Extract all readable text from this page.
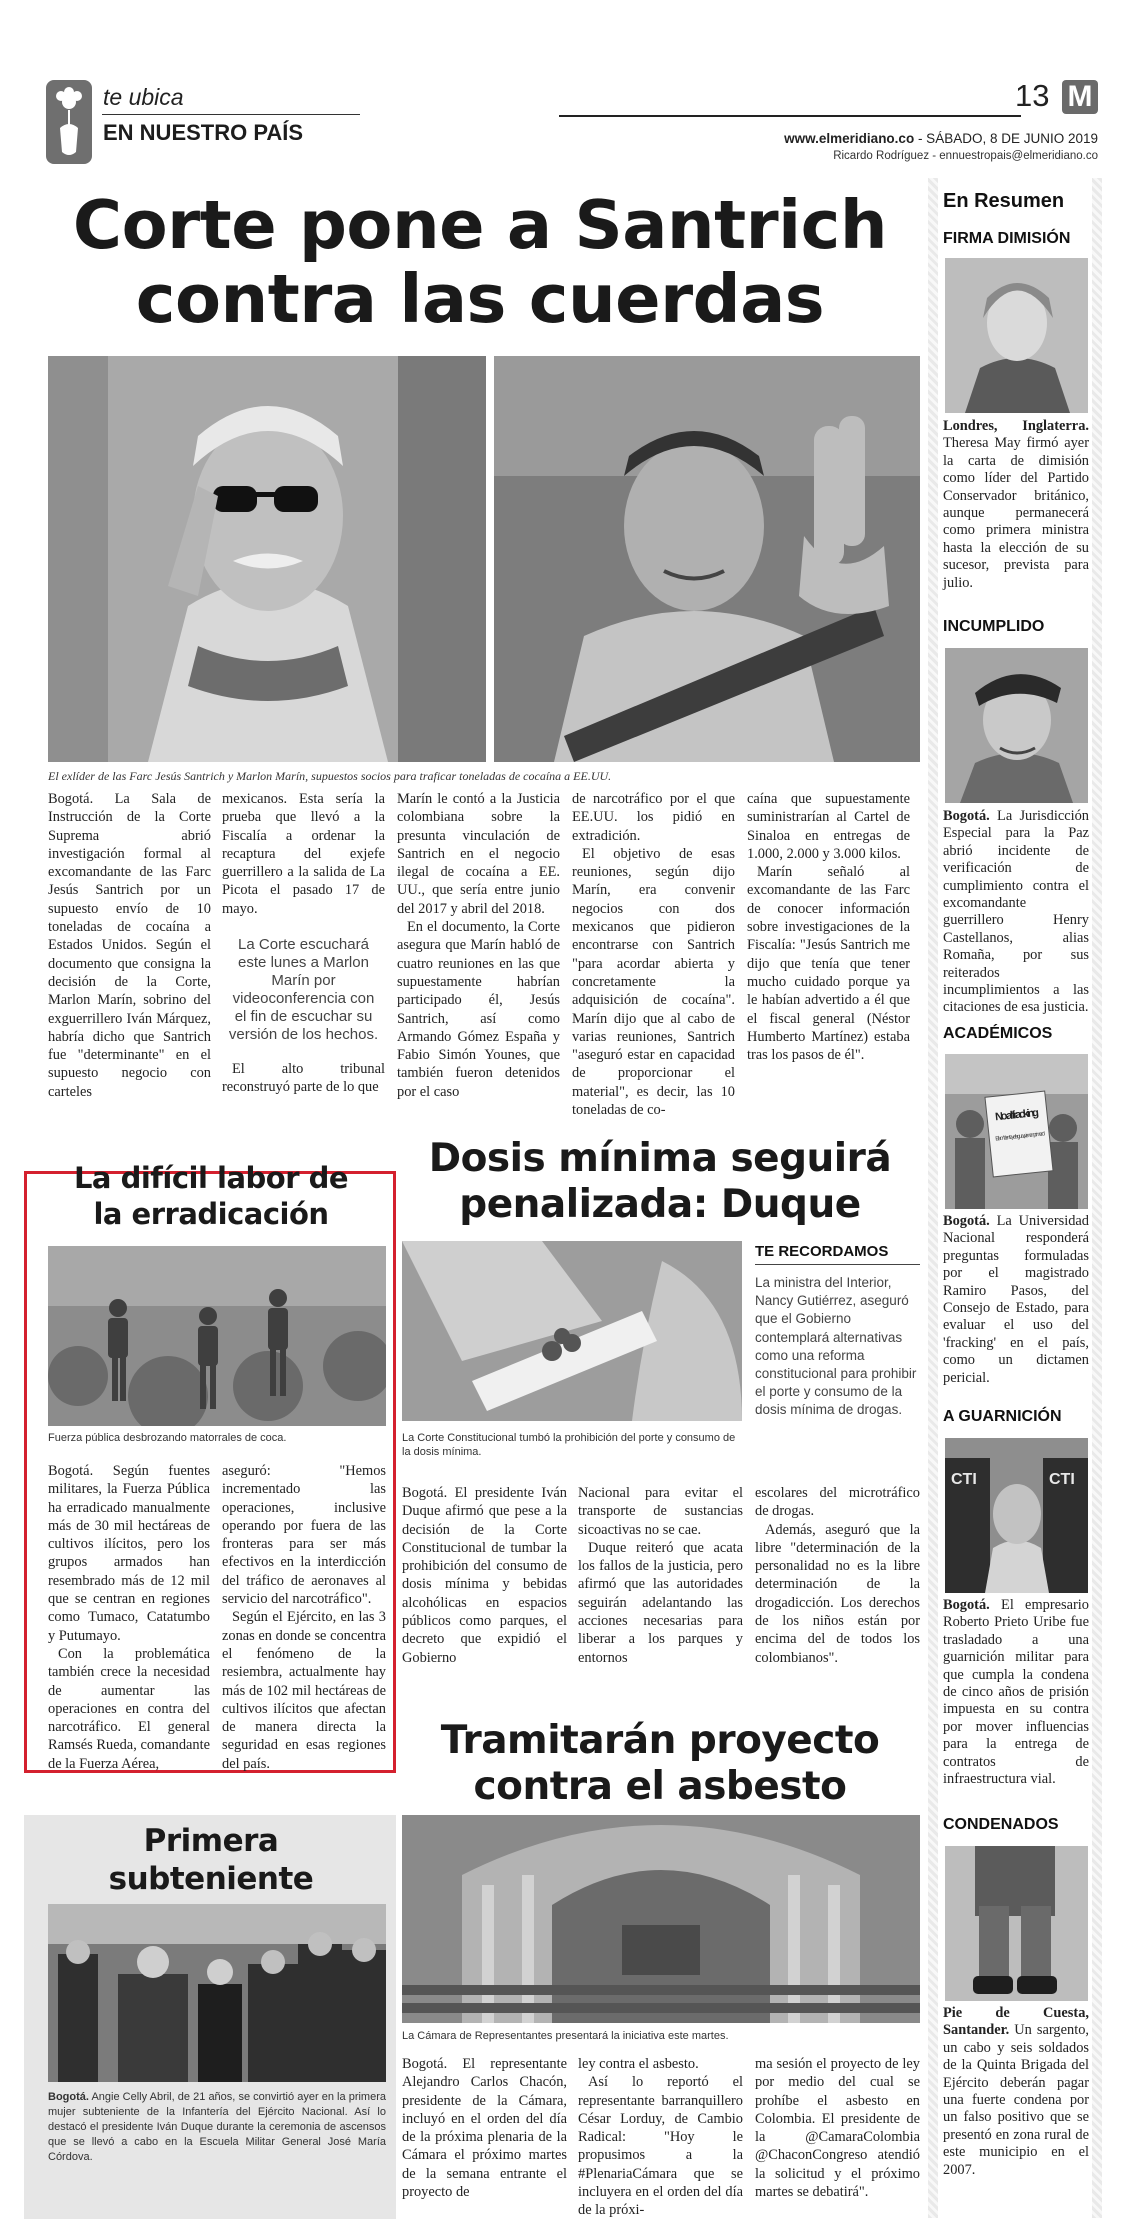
te ubica
EN NUESTRO PAÍS
13 M
www.elmeridiano.co - SÁBADO, 8 DE JUNIO 2019
Ricardo Rodríguez - ennuestropais@elmeridiano.co
Corte pone a Santrich
contra las cuerdas
El exlíder de las Farc Jesús Santrich y Marlon Marín, supuestos socios para traficar toneladas de cocaína a EE.UU.

Bogotá. La Sala de Instrucción de la Corte Suprema abrió investigación formal al excomandante de las Farc Jesús Santrich por un supuesto envío de 10 toneladas de cocaína a Estados Unidos. Según el documento que consigna la decisión de la Corte, Marlon Marín, sobrino del exguerrillero Iván Márquez, habría dicho que Santrich fue "determinante" en el supuesto negocio con carteles

mexicanos. Esta sería la prueba que llevó a la Fiscalía a ordenar la recaptura del exjefe guerrillero a la salida de La Picota el pasado 17 de mayo.

La Corte escuchará este lunes a Marlon Marín por videoconferencia con el fin de escuchar su versión de los hechos.

El alto tribunal reconstruyó parte de lo que

Marín le contó a la Justicia colombiana sobre la presunta vinculación de Santrich en el negocio ilegal de cocaína a EE. UU., que sería entre junio del 2017 y abril del 2018.

En el documento, la Corte asegura que Marín habló de cuatro reuniones en las que supuestamente habrían participado él, Jesús Santrich, así como Armando Gómez España y Fabio Simón Younes, que también fueron detenidos por el caso

de narcotráfico por el que EE.UU. los pidió en extradición.

El objetivo de esas reuniones, según dijo Marín, era convenir negocios con dos mexicanos que pidieron encontrarse con Santrich "para acordar abierta y concretamente la adquisición de cocaína". Marín dijo que al cabo de varias reuniones, Santrich "aseguró estar en capacidad de proporcionar el material", es decir, las 10 toneladas de co-

caína que supuestamente suministrarían al Cartel de Sinaloa en entregas de 1.000, 2.000 y 3.000 kilos.

Marín señaló al excomandante de las Farc de conocer información sobre investigaciones de la Fiscalía: "Jesús Santrich me dijo que tenía que tener mucho cuidado porque ya le habían advertido a él que el fiscal general (Néstor Humberto Martínez) estaba tras los pasos de él".

La difícil labor de
la erradicación
Fuerza pública desbrozando matorrales de coca.

Bogotá. Según fuentes militares, la Fuerza Pública ha erradicado manualmente más de 30 mil hectáreas de cultivos ilícitos, pero los grupos armados han resembrado más de 12 mil que se centran en regiones como Tumaco, Catatumbo y Putumayo.

Con la problemática también crece la necesidad de aumentar las operaciones en contra del narcotráfico. El general Ramsés Rueda, comandante de la Fuerza Aérea,

aseguró: "Hemos incrementado las operaciones, inclusive operando por fuera de las fronteras para ser más efectivos en la interdicción del tráfico de aeronaves al servicio del narcotráfico".

Según el Ejército, en las 3 zonas en donde se concentra el fenómeno de la resiembra, actualmente hay más de 102 mil hectáreas de cultivos ilícitos que afectan de manera directa la seguridad en esas regiones del país.

Dosis mínima seguirá
penalizada: Duque
La Corte Constitucional tumbó la prohibición del porte y consumo de la dosis mínima.
TE RECORDAMOS
La ministra del Interior, Nancy Gutiérrez, aseguró que el Gobierno contemplará alternativas como una reforma constitucional para prohibir el porte y consumo de la dosis mínima de drogas.

Bogotá. El presidente Iván Duque afirmó que pese a la decisión de la Corte Constitucional de tumbar la prohibición del consumo de dosis mínima y bebidas alcohólicas en espacios públicos como parques, el decreto que expidió el Gobierno

Nacional para evitar el transporte de sustancias sicoactivas no se cae.

Duque reiteró que acata los fallos de la justicia, pero afirmó que las autoridades seguirán adelantando las acciones necesarias para liberar a los parques y entornos

escolares del microtráfico de drogas.

Además, aseguró que la libre "determinación de la personalidad no es la libre determinación de la drogadicción. Los derechos de los niños están por encima del de todos los colombianos".

Primera
subteniente
Bogotá. Angie Celly Abril, de 21 años, se convirtió ayer en la primera mujer subteniente de la Infantería del Ejército Nacional. Así lo destacó el presidente Iván Duque durante la ceremonia de ascensos que se llevó a cabo en la Escuela Militar General José María Córdova.
Tramitarán proyecto
contra el asbesto
La Cámara de Representantes presentará la iniciativa este martes.

Bogotá. El representante Alejandro Carlos Chacón, presidente de la Cámara, incluyó en el orden del día de la próxima plenaria de la Cámara el próximo martes de la semana entrante el proyecto de

ley contra el asbesto.

Así lo reportó el representante barranquillero César Lorduy, de Cambio Radical: "Hoy le propusimos a la #PlenariaCámara que se incluyera en el orden del día de la próxi-

ma sesión el proyecto de ley por medio del cual se prohíbe el asbesto en Colombia. El presidente de la @CamaraColombia @ChaconCongreso atendió la solicitud y el próximo martes se debatirá".

En Resumen
FIRMA DIMISIÓN
Londres, Inglaterra. Theresa May firmó ayer la carta de dimisión como líder del Partido Conservador británico, aunque permanecerá como primera ministra hasta la elección de su sucesor, prevista para julio.
INCUMPLIDO
Bogotá. La Jurisdicción Especial para la Paz abrió incidente de verificación de cumplimiento contra el excomandante guerrillero Henry Castellanos, alias Romaña, por sus reiterados incumplimientos a las citaciones de esa justicia.
ACADÉMICOS
No al fracking
El ambiente y el agua... ¡vienen primero!
Bogotá. La Universidad Nacional responderá preguntas formuladas por el magistrado Ramiro Pasos, del Consejo de Estado, para evaluar el uso del 'fracking' en el país, como un dictamen pericial.
A GUARNICIÓN
CTI	CTI
Bogotá. El empresario Roberto Prieto Uribe fue trasladado a una guarnición militar para que cumpla la condena de cinco años de prisión impuesta en su contra por mover influencias para la entrega de contratos de infraestructura vial.
CONDENADOS
Pie de Cuesta, Santander. Un sargento, un cabo y seis soldados de la Quinta Brigada del Ejército deberán pagar una fuerte condena por un falso positivo que se presentó en zona rural de este municipio en el 2007.
